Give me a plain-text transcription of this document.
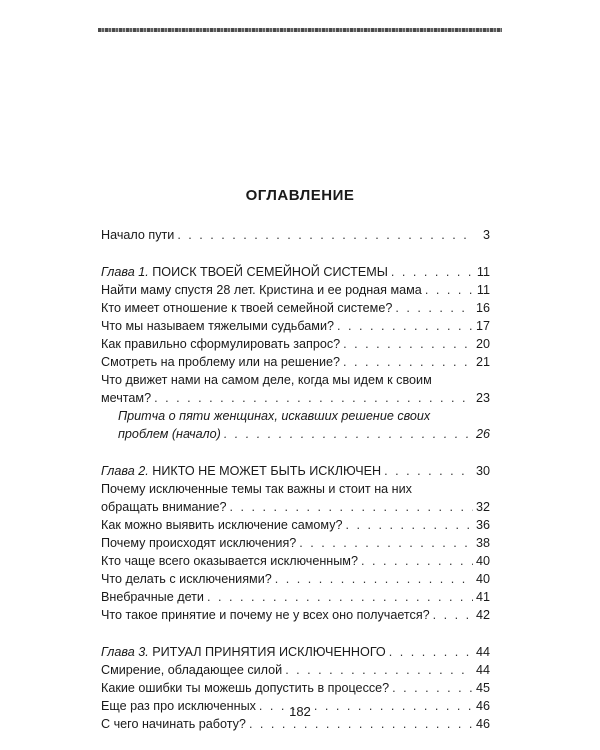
ОГЛАВЛЕНИЕ
Начало пути . . .	3
Глава 1. ПОИСК ТВОЕЙ СЕМЕЙНОЙ СИСТЕМЫ . . .	11
Найти маму спустя 28 лет. Кристина и ее родная мама . . .	11
Кто имеет отношение к твоей семейной системе? . . .	16
Что мы называем тяжелыми судьбами? . . .	17
Как правильно сформулировать запрос? . . .	20
Смотреть на проблему или на решение? . . .	21
Что движет нами на самом деле, когда мы идем к своим
мечтам? . . .	23
Притча о пяти женщинах, искавших решение своих
проблем (начало) . . .	26
Глава 2. НИКТО НЕ МОЖЕТ БЫТЬ ИСКЛЮЧЕН . . .	30
Почему исключенные темы так важны и стоит на них
обращать внимание? . . .	32
Как можно выявить исключение самому? . . .	36
Почему происходят исключения? . . .	38
Кто чаще всего оказывается исключенным? . . .	40
Что делать с исключениями? . . .	40
Внебрачные дети . . .	41
Что такое принятие и почему не у всех оно получается? . . .	42
Глава 3. РИТУАЛ ПРИНЯТИЯ ИСКЛЮЧЕННОГО . . .	44
Смирение, обладающее силой . . .	44
Какие ошибки ты можешь допустить в процессе? . . .	45
Еще раз про исключенных . . .	46
С чего начинать работу? . . .	46
182
